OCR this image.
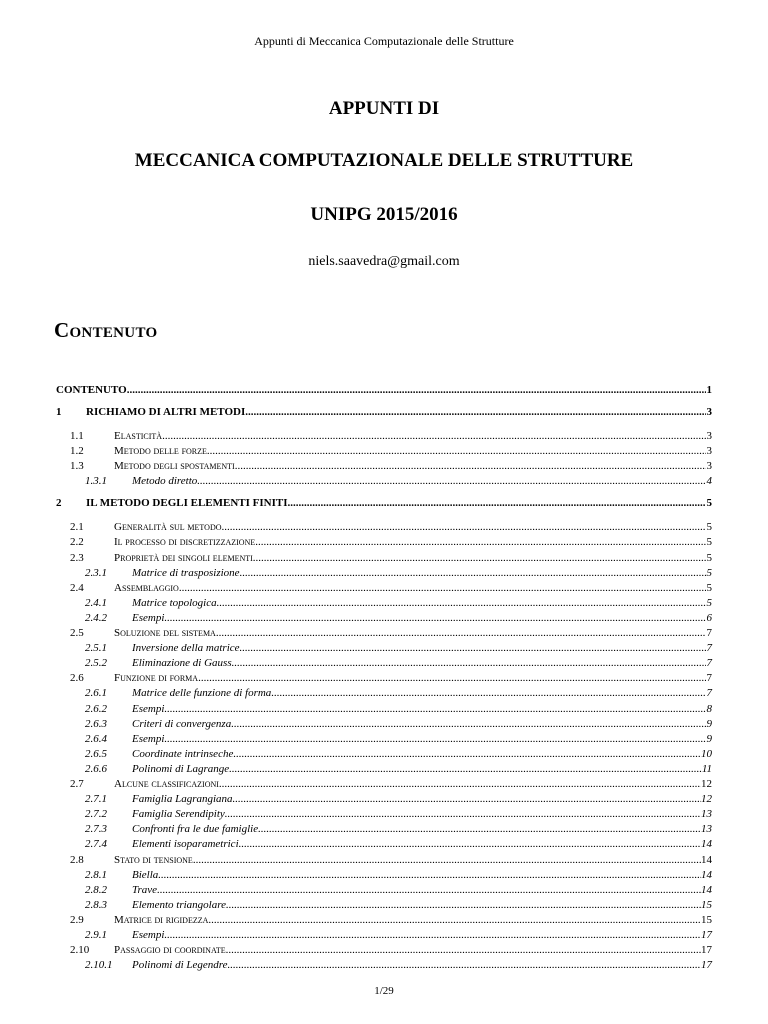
Appunti di Meccanica Computazionale delle Strutture
APPUNTI DI
MECCANICA COMPUTAZIONALE DELLE STRUTTURE
UNIPG 2015/2016
niels.saavedra@gmail.com
Contenuto
CONTENUTO .....	1
1	RICHIAMO DI ALTRI METODI .....	3
1.1	Elasticità .....	3
1.2	Metodo delle forze .....	3
1.3	Metodo degli spostamenti .....	3
1.3.1	Metodo diretto .....	4
2	IL METODO DEGLI ELEMENTI FINITI .....	5
2.1	Generalità sul metodo .....	5
2.2	Il processo di discretizzazione .....	5
2.3	Proprietà dei singoli elementi .....	5
2.3.1	Matrice di trasposizione .....	5
2.4	Assemblaggio .....	5
2.4.1	Matrice topologica .....	5
2.4.2	Esempi .....	6
2.5	Soluzione del sistema .....	7
2.5.1	Inversione della matrice .....	7
2.5.2	Eliminazione di Gauss .....	7
2.6	Funzione di forma .....	7
2.6.1	Matrice delle funzione di forma .....	7
2.6.2	Esempi .....	8
2.6.3	Criteri di convergenza .....	9
2.6.4	Esempi .....	9
2.6.5	Coordinate intrinseche .....	10
2.6.6	Polinomi di Lagrange .....	11
2.7	Alcune classificazioni .....	12
2.7.1	Famiglia Lagrangiana .....	12
2.7.2	Famiglia Serendipity .....	13
2.7.3	Confronti fra le due famiglie .....	13
2.7.4	Elementi isoparametrici .....	14
2.8	Stato di tensione .....	14
2.8.1	Biella .....	14
2.8.2	Trave .....	14
2.8.3	Elemento triangolare .....	15
2.9	Matrice di rigidezza .....	15
2.9.1	Esempi .....	17
2.10	Passaggio di coordinate .....	17
2.10.1	Polinomi di Legendre .....	17
1/29
